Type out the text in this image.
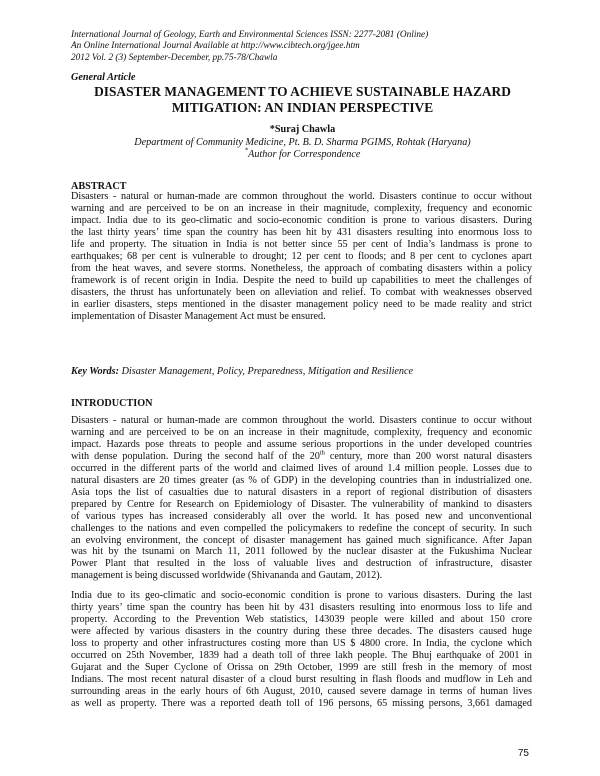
International Journal of Geology, Earth and Environmental Sciences ISSN: 2277-2081 (Online)
An Online International Journal Available at http://www.cibtech.org/jgee.htm
2012 Vol. 2 (3) September-December, pp.75-78/Chawla
General Article
DISASTER MANAGEMENT TO ACHIEVE SUSTAINABLE HAZARD
MITIGATION: AN INDIAN PERSPECTIVE
*Suraj Chawla
Department of Community Medicine, Pt. B. D. Sharma PGIMS, Rohtak (Haryana)
*Author for Correspondence
ABSTRACT
Disasters - natural or human-made are common throughout the world. Disasters continue to occur without
warning and are perceived to be on an increase in their magnitude, complexity, frequency and economic
impact. India due to its geo-climatic and socio-economic condition is prone to various disasters. During
the last thirty years’ time span the country has been hit by 431 disasters resulting into enormous loss to
life and property. The situation in India is not better since 55 per cent of India’s landmass is prone to
earthquakes; 68 per cent is vulnerable to drought; 12 per cent to floods; and 8 per cent to cyclones apart
from the heat waves, and severe storms. Nonetheless, the approach of combating disasters within a policy
framework is of recent origin in India. Despite the need to build up capabilities to meet the challenges of
disasters, the thrust has unfortunately been on alleviation and relief. To combat with weaknesses observed
in earlier disasters, steps mentioned in the disaster management policy need to be made reality and strict
implementation of Disaster Management Act must be ensured.
Key Words: Disaster Management, Policy, Preparedness, Mitigation and Resilience
INTRODUCTION
Disasters - natural or human-made are common throughout the world. Disasters continue to occur without
warning and are perceived to be on an increase in their magnitude, complexity, frequency and economic
impact. Hazards pose threats to people and assume serious proportions in the under developed countries
with dense population. During the second half of the 20th century, more than 200 worst natural disasters
occurred in the different parts of the world and claimed lives of around 1.4 million people. Losses due to
natural disasters are 20 times greater (as % of GDP) in the developing countries than in industrialized one.
Asia tops the list of casualties due to natural disasters in a report of regional distribution of disasters
prepared by Centre for Research on Epidemiology of Disaster. The vulnerability of mankind to disasters
of various types has increased considerably all over the world. It has posed new and unconventional
challenges to the nations and even compelled the policymakers to redefine the concept of security. In such
an evolving environment, the concept of disaster management has gained much significance. After Japan
was hit by the tsunami on March 11, 2011 followed by the nuclear disaster at the Fukushima Nuclear
Power Plant that resulted in the loss of valuable lives and destruction of infrastructure, disaster
management is being discussed worldwide (Shivananda and Gautam, 2012).
India due to its geo-climatic and socio-economic condition is prone to various disasters. During the last
thirty years’ time span the country has been hit by 431 disasters resulting into enormous loss to life and
property. According to the Prevention Web statistics, 143039 people were killed and about 150 crore
were affected by various disasters in the country during these three decades. The disasters caused huge
loss to property and other infrastructures costing more than US $ 4800 crore. In India, the cyclone which
occurred on 25th November, 1839 had a death toll of three lakh people. The Bhuj earthquake of 2001 in
Gujarat and the Super Cyclone of Orissa on 29th October, 1999 are still fresh in the memory of most
Indians. The most recent natural disaster of a cloud burst resulting in flash floods and mudflow in Leh and
surrounding areas in the early hours of 6th August, 2010, caused severe damage in terms of human lives
as well as property. There was a reported death toll of 196 persons, 65 missing persons, 3,661 damaged
75
